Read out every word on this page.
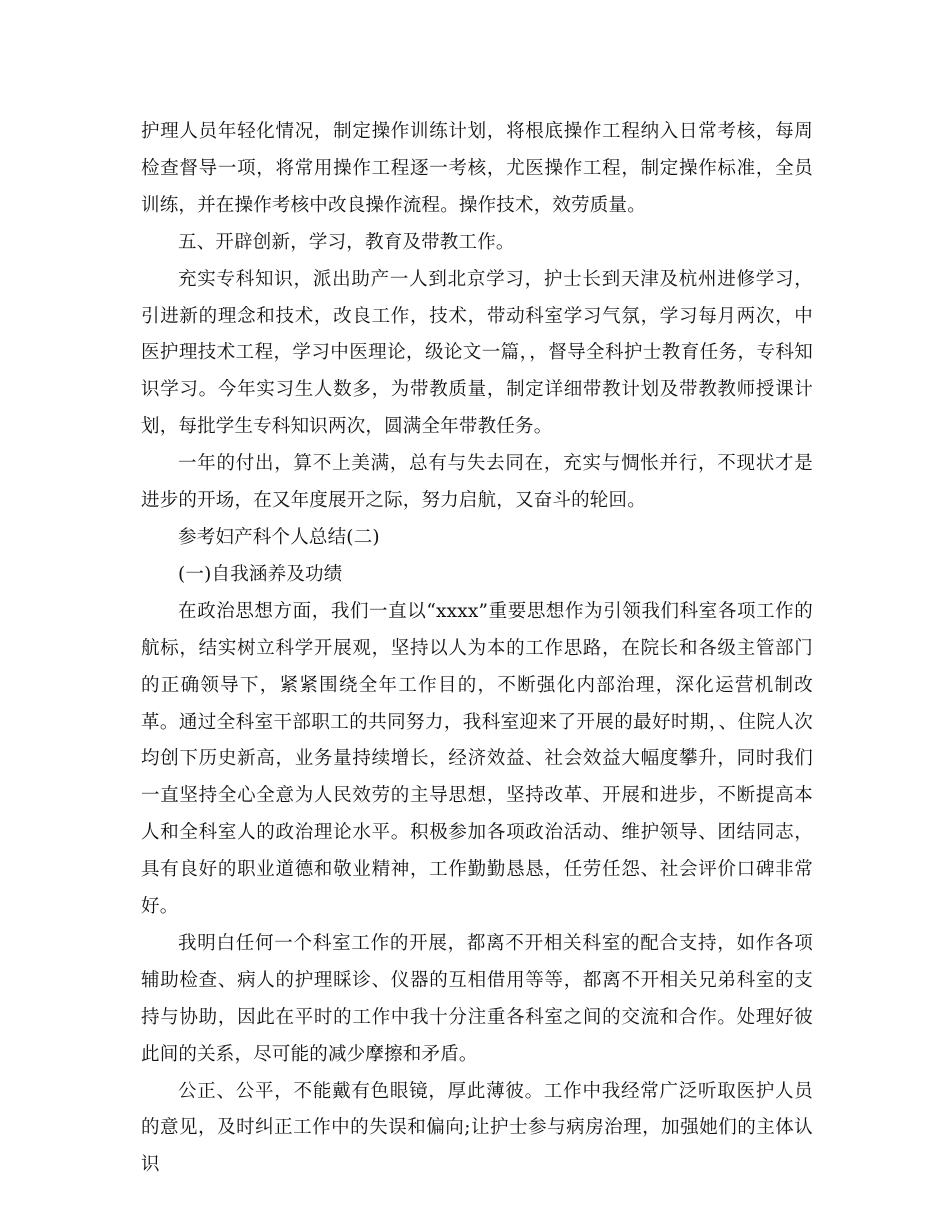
护理人员年轻化情况，制定操作训练计划，将根底操作工程纳入日常考核，每周检查督导一项，将常用操作工程逐一考核，尤医操作工程，制定操作标准，全员训练，并在操作考核中改良操作流程。操作技术，效劳质量。

五、开辟创新，学习，教育及带教工作。

充实专科知识，派出助产一人到北京学习，护士长到天津及杭州进修学习，引进新的理念和技术，改良工作，技术，带动科室学习气氛，学习每月两次，中医护理技术工程，学习中医理论，级论文一篇，，督导全科护士教育任务，专科知识学习。今年实习生人数多，为带教质量，制定详细带教计划及带教教师授课计划，每批学生专科知识两次，圆满全年带教任务。

一年的付出，算不上美满，总有与失去同在，充实与惆怅并行，不现状才是进步的开场，在又年度展开之际，努力启航，又奋斗的轮回。

参考妇产科个人总结(二)

(一)自我涵养及功绩

在政治思想方面，我们一直以“xxxx”重要思想作为引领我们科室各项工作的航标，结实树立科学开展观，坚持以人为本的工作思路，在院长和各级主管部门的正确领导下，紧紧围绕全年工作目的，不断强化内部治理，深化运营机制改革。通过全科室干部职工的共同努力，我科室迎来了开展的最好时期，、住院人次均创下历史新高，业务量持续增长，经济效益、社会效益大幅度攀升，同时我们一直坚持全心全意为人民效劳的主导思想，坚持改革、开展和进步，不断提高本人和全科室人的政治理论水平。积极参加各项政治活动、维护领导、团结同志，具有良好的职业道德和敬业精神，工作勤勤恳恳，任劳任怨、社会评价口碑非常好。

我明白任何一个科室工作的开展，都离不开相关科室的配合支持，如作各项辅助检查、病人的护理睬诊、仪器的互相借用等等，都离不开相关兄弟科室的支持与协助，因此在平时的工作中我十分注重各科室之间的交流和合作。处理好彼此间的关系，尽可能的减少摩擦和矛盾。

公正、公平，不能戴有色眼镜，厚此薄彼。工作中我经常广泛听取医护人员的意见，及时纠正工作中的失误和偏向;让护士参与病房治理，加强她们的主体认识
